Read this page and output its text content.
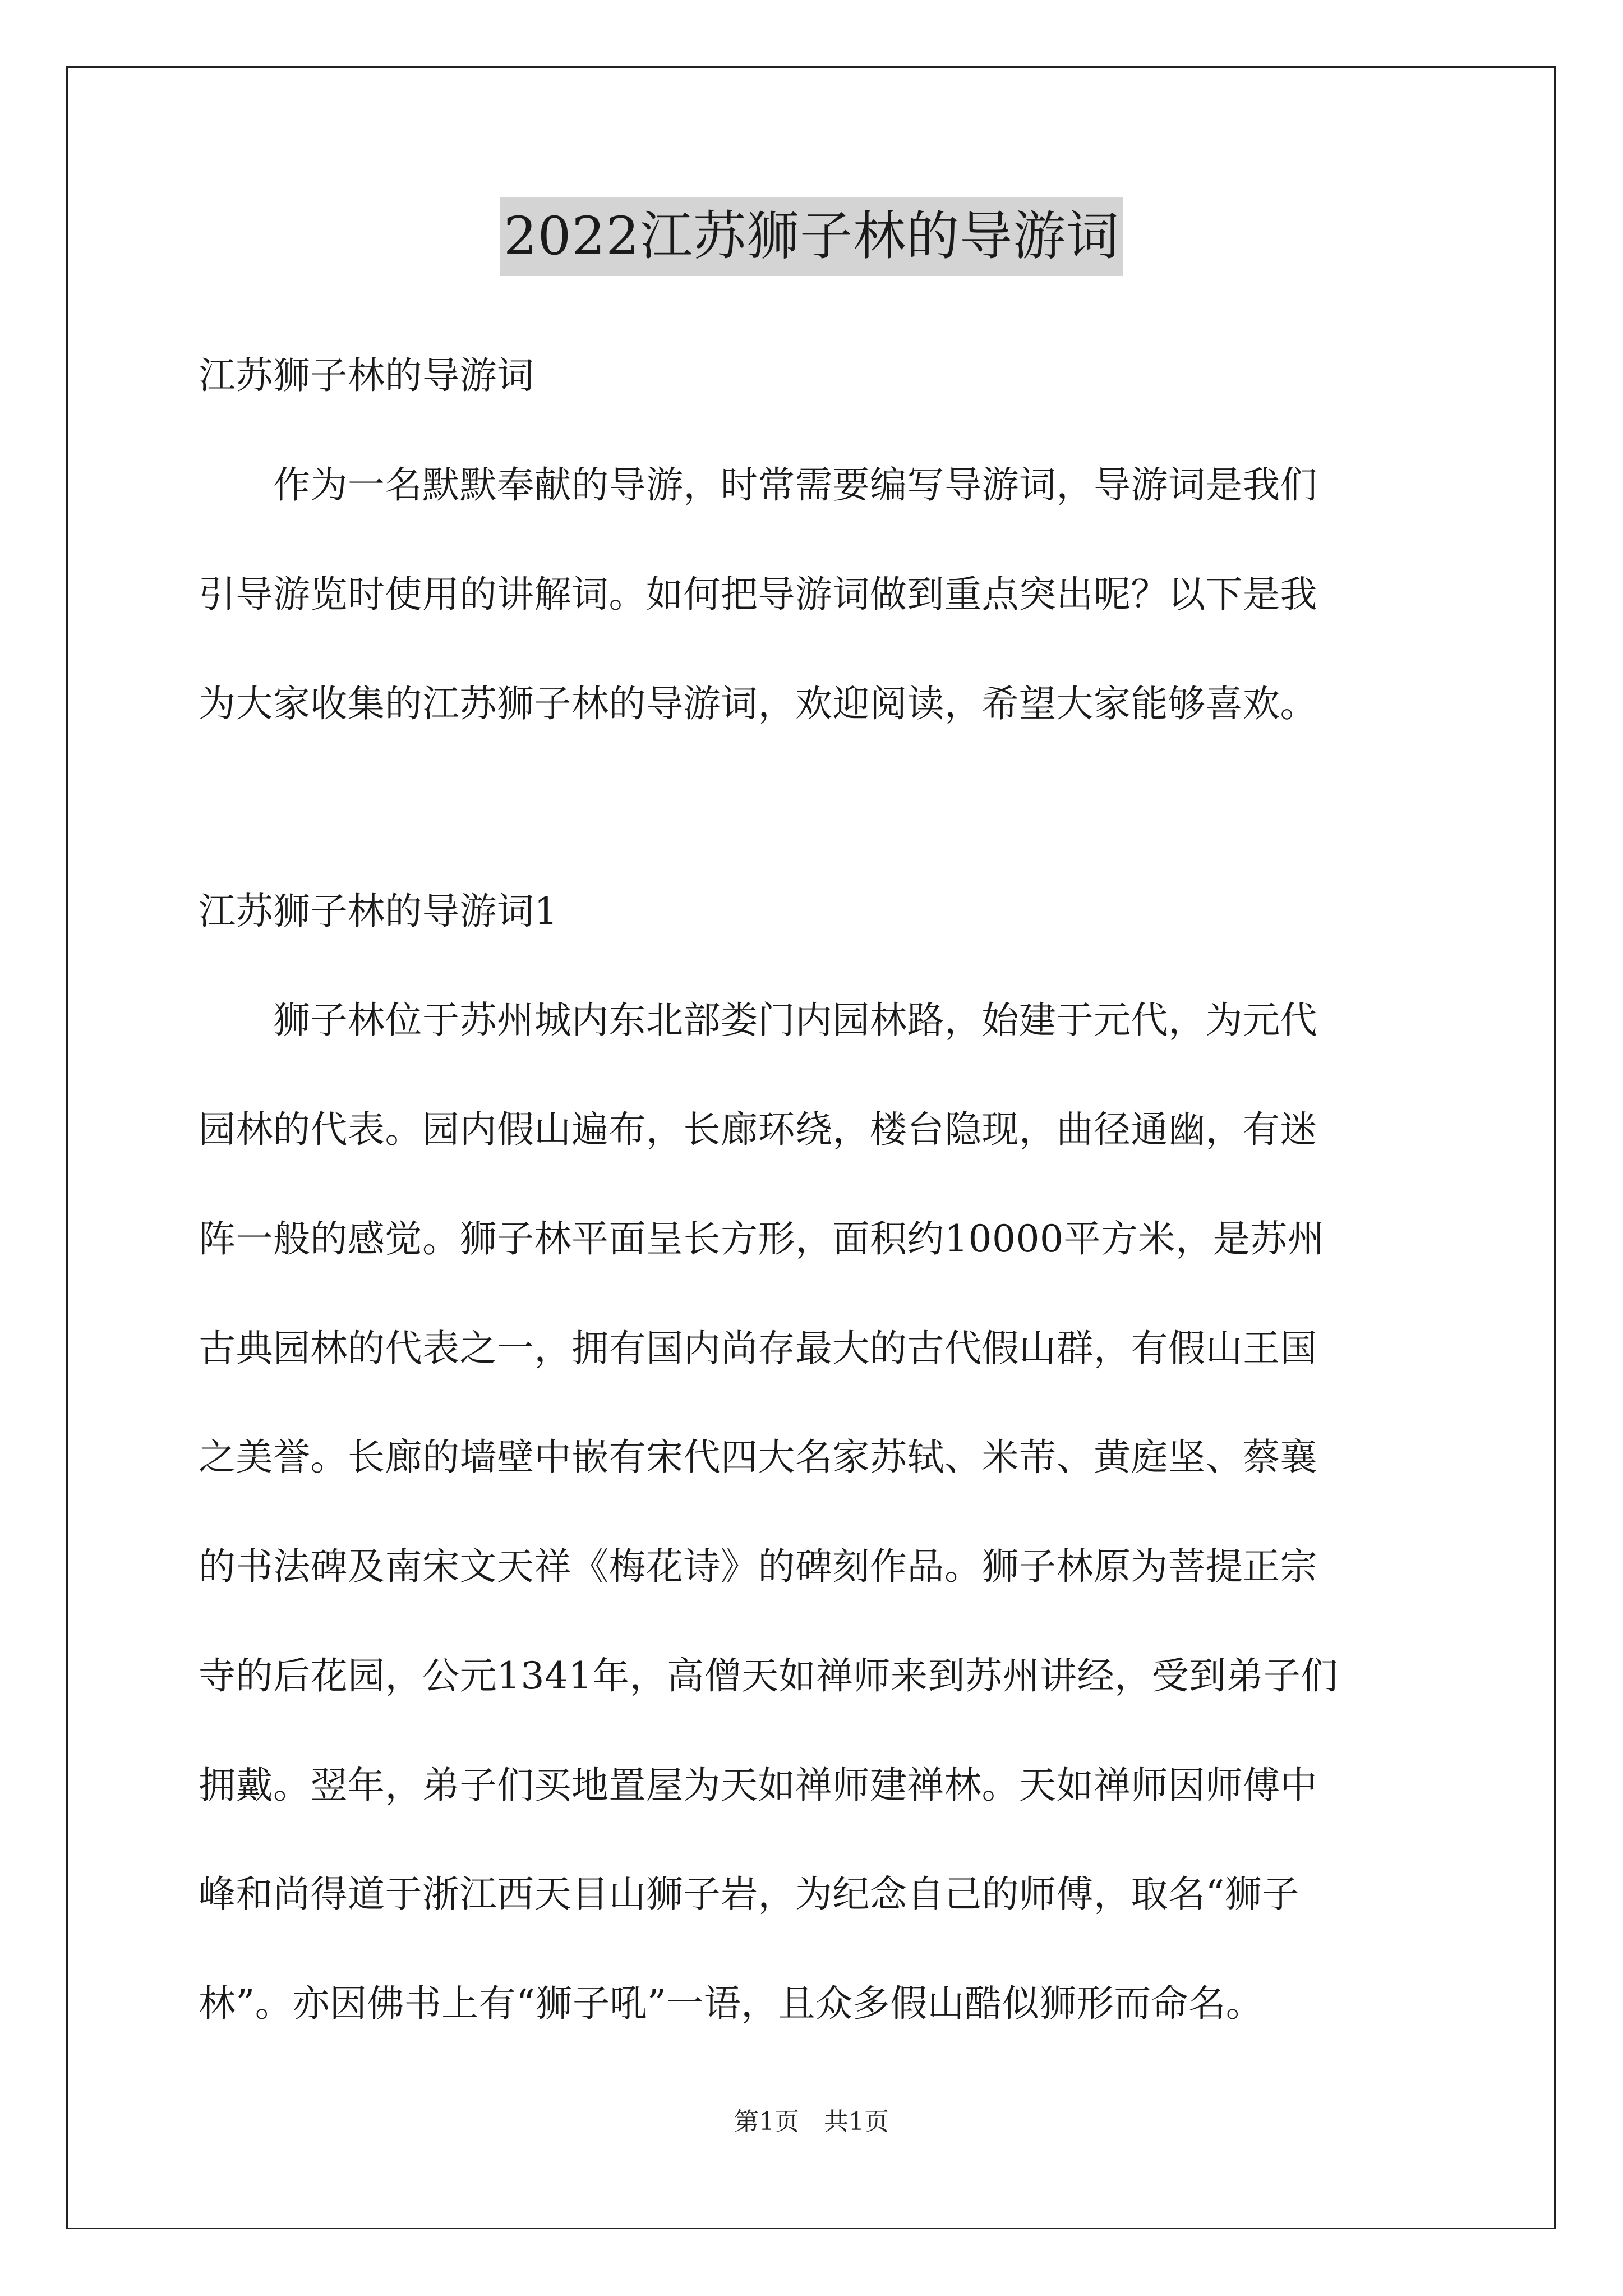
2022江苏狮子林的导游词
江苏狮子林的导游词
　　作为一名默默奉献的导游，时常需要编写导游词，导游词是我们
引导游览时使用的讲解词。如何把导游词做到重点突出呢？以下是我
为大家收集的江苏狮子林的导游词，欢迎阅读，希望大家能够喜欢。
江苏狮子林的导游词1
　　狮子林位于苏州城内东北部娄门内园林路，始建于元代，为元代
园林的代表。园内假山遍布，长廊环绕，楼台隐现，曲径通幽，有迷
阵一般的感觉。狮子林平面呈长方形，面积约10000平方米，是苏州
古典园林的代表之一，拥有国内尚存最大的古代假山群，有假山王国
之美誉。长廊的墙壁中嵌有宋代四大名家苏轼、米芾、黄庭坚、蔡襄
的书法碑及南宋文天祥《梅花诗》的碑刻作品。狮子林原为菩提正宗
寺的后花园，公元1341年，高僧天如禅师来到苏州讲经，受到弟子们
拥戴。翌年，弟子们买地置屋为天如禅师建禅林。天如禅师因师傅中
峰和尚得道于浙江西天目山狮子岩，为纪念自己的师傅，取名“狮子
林”。亦因佛书上有“狮子吼”一语，且众多假山酷似狮形而命名。
第1页　共1页
